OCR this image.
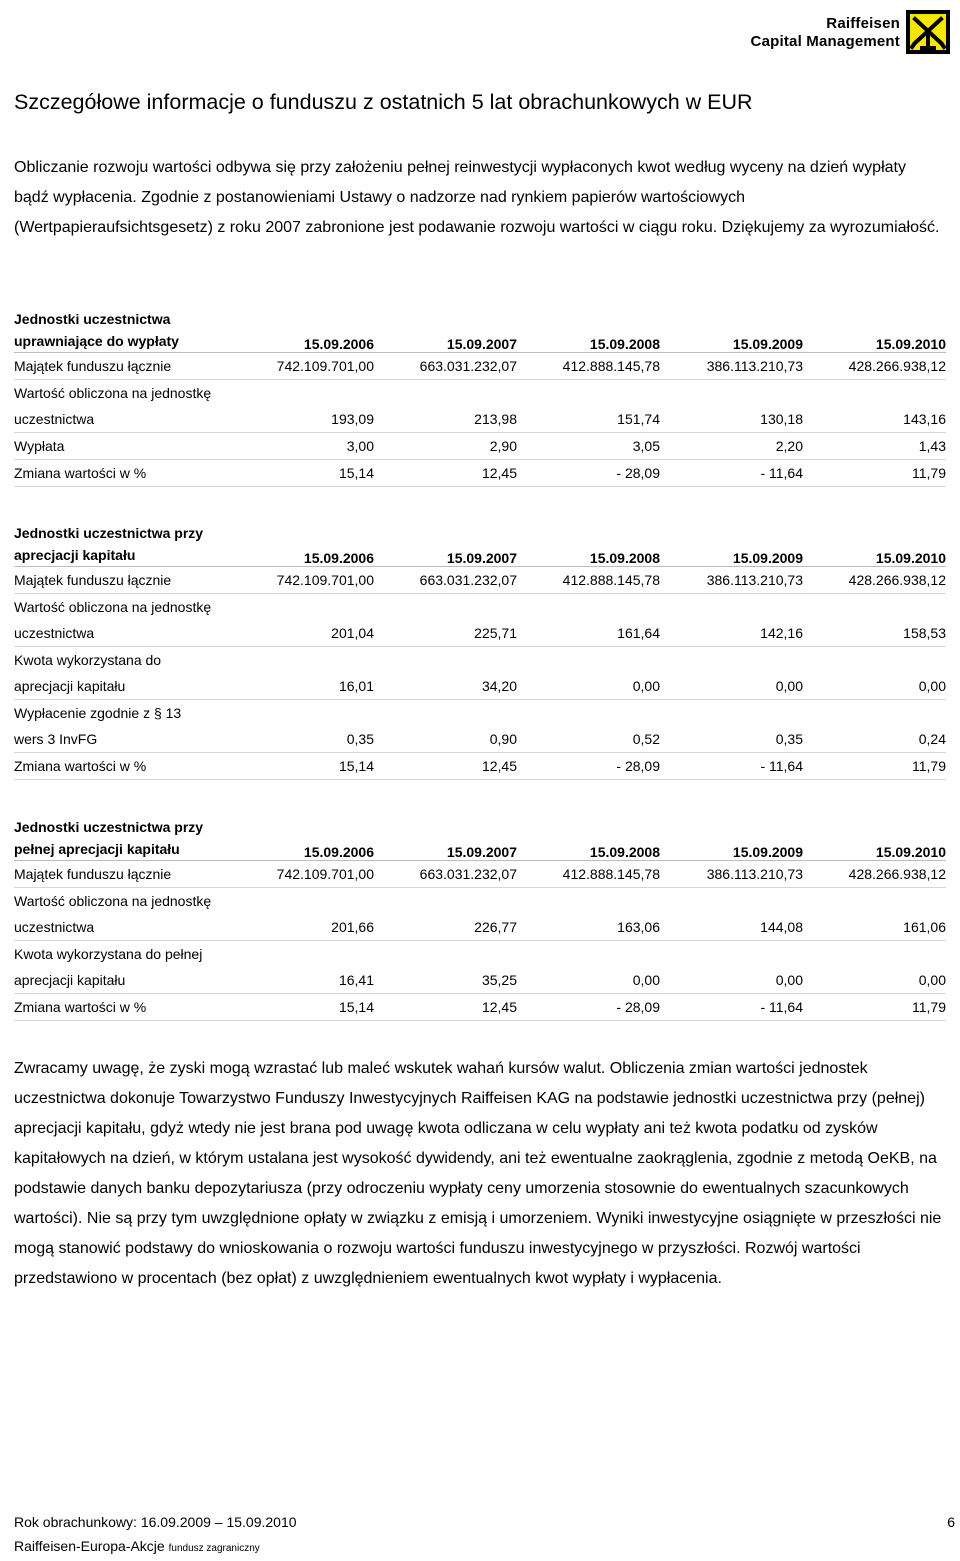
Raiffeisen
Capital Management
Szczegółowe informacje o funduszu z ostatnich 5 lat obrachunkowych w EUR

Obliczanie rozwoju wartości odbywa się przy założeniu pełnej reinwestycji wypłaconych kwot według wyceny na dzień wypłaty bądź wypłacenia. Zgodnie z postanowieniami Ustawy o nadzorze nad rynkiem papierów wartościowych (Wertpapieraufsichtsgesetz) z roku 2007 zabronione jest podawanie rozwoju wartości w ciągu roku. Dziękujemy za wyrozumiałość.

Jednostki uczestnictwa
uprawniające do wypłaty	15.09.2006	15.09.2007	15.09.2008	15.09.2009	15.09.2010
Majątek funduszu łącznie	742.109.701,00	663.031.232,07	412.888.145,78	386.113.210,73	428.266.938,12

Wartość obliczona na jednostkę
uczestnictwa	193,09	213,98	151,74	130,18	143,16
Wypłata	3,00	2,90	3,05	2,20	1,43
Zmiana wartości w %	15,14	12,45	- 28,09	- 11,64	11,79
Jednostki uczestnictwa przy
aprecjacji kapitału	15.09.2006	15.09.2007	15.09.2008	15.09.2009	15.09.2010
Majątek funduszu łącznie	742.109.701,00	663.031.232,07	412.888.145,78	386.113.210,73	428.266.938,12

Wartość obliczona na jednostkę
uczestnictwa	201,04	225,71	161,64	142,16	158,53

Kwota wykorzystana do
aprecjacji kapitału	16,01	34,20	0,00	0,00	0,00

Wypłacenie zgodnie z § 13
wers 3 InvFG	0,35	0,90	0,52	0,35	0,24
Zmiana wartości w %	15,14	12,45	- 28,09	- 11,64	11,79
Jednostki uczestnictwa przy
pełnej aprecjacji kapitału	15.09.2006	15.09.2007	15.09.2008	15.09.2009	15.09.2010
Majątek funduszu łącznie	742.109.701,00	663.031.232,07	412.888.145,78	386.113.210,73	428.266.938,12

Wartość obliczona na jednostkę
uczestnictwa	201,66	226,77	163,06	144,08	161,06

Kwota wykorzystana do pełnej
aprecjacji kapitału	16,41	35,25	0,00	0,00	0,00
Zmiana wartości w %	15,14	12,45	- 28,09	- 11,64	11,79

Zwracamy uwagę, że zyski mogą wzrastać lub maleć wskutek wahań kursów walut. Obliczenia zmian wartości jednostek uczestnictwa dokonuje Towarzystwo Funduszy Inwestycyjnych Raiffeisen KAG na podstawie jednostki uczestnictwa przy (pełnej) aprecjacji kapitału, gdyż wtedy nie jest brana pod uwagę kwota odliczana w celu wypłaty ani też kwota podatku od zysków kapitałowych na dzień, w którym ustalana jest wysokość dywidendy, ani też ewentualne zaokrąglenia, zgodnie z metodą OeKB, na podstawie danych banku depozytariusza (przy odroczeniu wypłaty ceny umorzenia stosownie do ewentualnych szacunkowych wartości). Nie są przy tym uwzględnione opłaty w związku z emisją i umorzeniem. Wyniki inwestycyjne osiągnięte w przeszłości nie mogą stanowić podstawy do wnioskowania o rozwoju wartości funduszu inwestycyjnego w przyszłości. Rozwój wartości przedstawiono w procentach (bez opłat) z uwzględnieniem ewentualnych kwot wypłaty i wypłacenia.

Rok obrachunkowy: 16.09.2009 – 15.09.2010	6
Raiffeisen-Europa-Akcje fundusz zagraniczny
